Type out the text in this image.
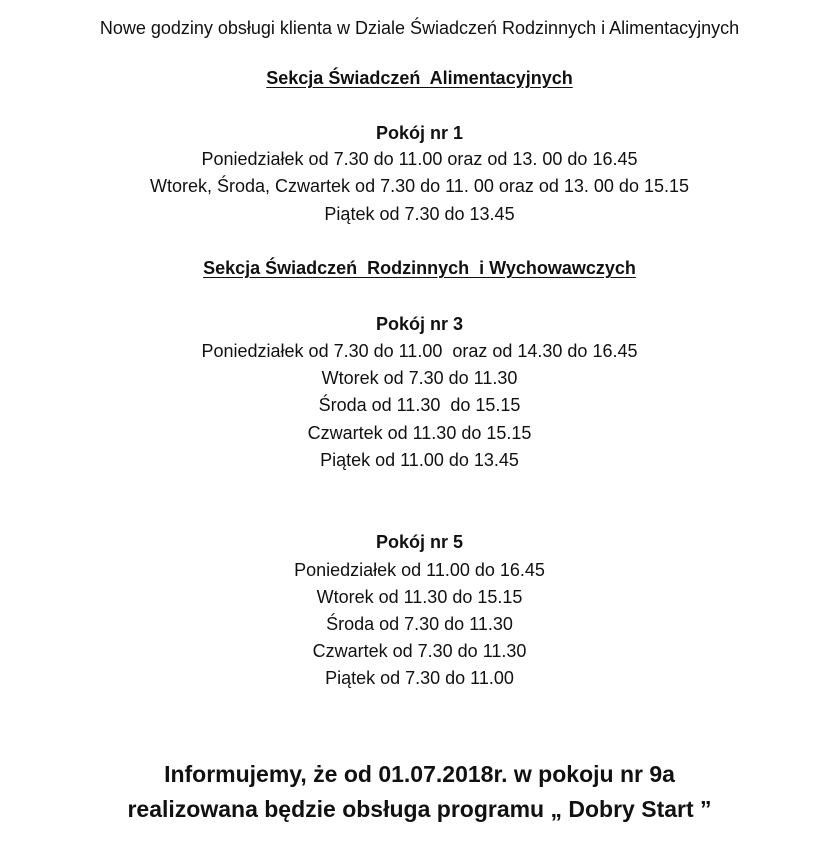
Nowe godziny obsługi klienta w Dziale Świadczeń Rodzinnych i Alimentacyjnych
Sekcja Świadczeń  Alimentacyjnych
Pokój nr 1
Poniedziałek od 7.30 do 11.00 oraz od 13. 00 do 16.45
Wtorek, Środa, Czwartek od 7.30 do 11. 00 oraz od 13. 00 do 15.15
Piątek od 7.30 do 13.45
Sekcja Świadczeń  Rodzinnych  i Wychowawczych
Pokój nr 3
Poniedziałek od 7.30 do 11.00  oraz od 14.30 do 16.45
Wtorek od 7.30 do 11.30
Środa od 11.30  do 15.15
Czwartek od 11.30 do 15.15
Piątek od 11.00 do 13.45
Pokój nr 5
Poniedziałek od 11.00 do 16.45
Wtorek od 11.30 do 15.15
Środa od 7.30 do 11.30
Czwartek od 7.30 do 11.30
Piątek od 7.30 do 11.00
Informujemy, że od 01.07.2018r. w pokoju nr 9a
realizowana będzie obsługa programu „ Dobry Start ”
